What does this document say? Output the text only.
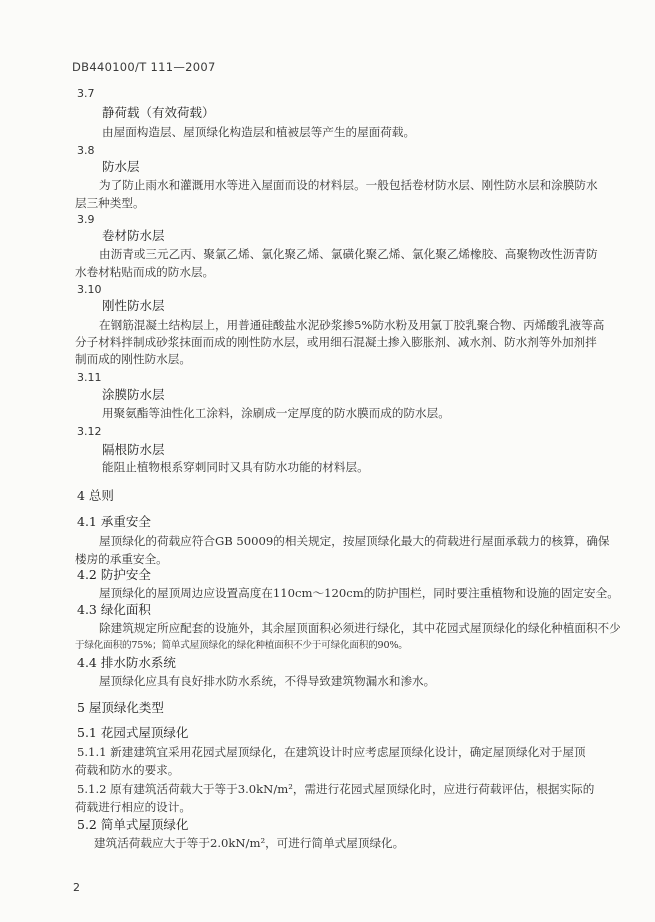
DB440100/T 111—2007
3.7
静荷载（有效荷载）
由屋面构造层、屋顶绿化构造层和植被层等产生的屋面荷载。
3.8
防水层
为了防止雨水和灌溉用水等进入屋面而设的材料层。一般包括卷材防水层、刚性防水层和涂膜防水
层三种类型。
3.9
卷材防水层
由沥青或三元乙丙、聚氯乙烯、氯化聚乙烯、氯磺化聚乙烯、氯化聚乙烯橡胶、高聚物改性沥青防
水卷材粘贴而成的防水层。
3.10
刚性防水层
在钢筋混凝土结构层上，用普通硅酸盐水泥砂浆掺5%防水粉及用氯丁胶乳聚合物、丙烯酸乳液等高
分子材料拌制成砂浆抹面而成的刚性防水层，或用细石混凝土掺入膨胀剂、减水剂、防水剂等外加剂拌
制而成的刚性防水层。
3.11
涂膜防水层
用聚氨酯等油性化工涂料，涂刷成一定厚度的防水膜而成的防水层。
3.12
隔根防水层
能阻止植物根系穿刺同时又具有防水功能的材料层。
4 总则
4.1 承重安全
屋顶绿化的荷载应符合GB 50009的相关规定，按屋顶绿化最大的荷载进行屋面承载力的核算，确保
楼房的承重安全。
4.2 防护安全
屋顶绿化的屋顶周边应设置高度在110cm～120cm的防护围栏，同时要注重植物和设施的固定安全。
4.3 绿化面积
除建筑规定所应配套的设施外，其余屋顶面积必须进行绿化，其中花园式屋顶绿化的绿化种植面积不少
于绿化面积的75%；简单式屋顶绿化的绿化种植面积不少于可绿化面积的90%。
4.4 排水防水系统
屋顶绿化应具有良好排水防水系统，不得导致建筑物漏水和渗水。
5 屋顶绿化类型
5.1 花园式屋顶绿化
5.1.1 新建建筑宜采用花园式屋顶绿化，在建筑设计时应考虑屋顶绿化设计，确定屋顶绿化对于屋顶
荷载和防水的要求。
5.1.2 原有建筑活荷载大于等于3.0kN/m²，需进行花园式屋顶绿化时，应进行荷载评估，根据实际的
荷载进行相应的设计。
5.2 简单式屋顶绿化
建筑活荷载应大于等于2.0kN/m²，可进行简单式屋顶绿化。
2
